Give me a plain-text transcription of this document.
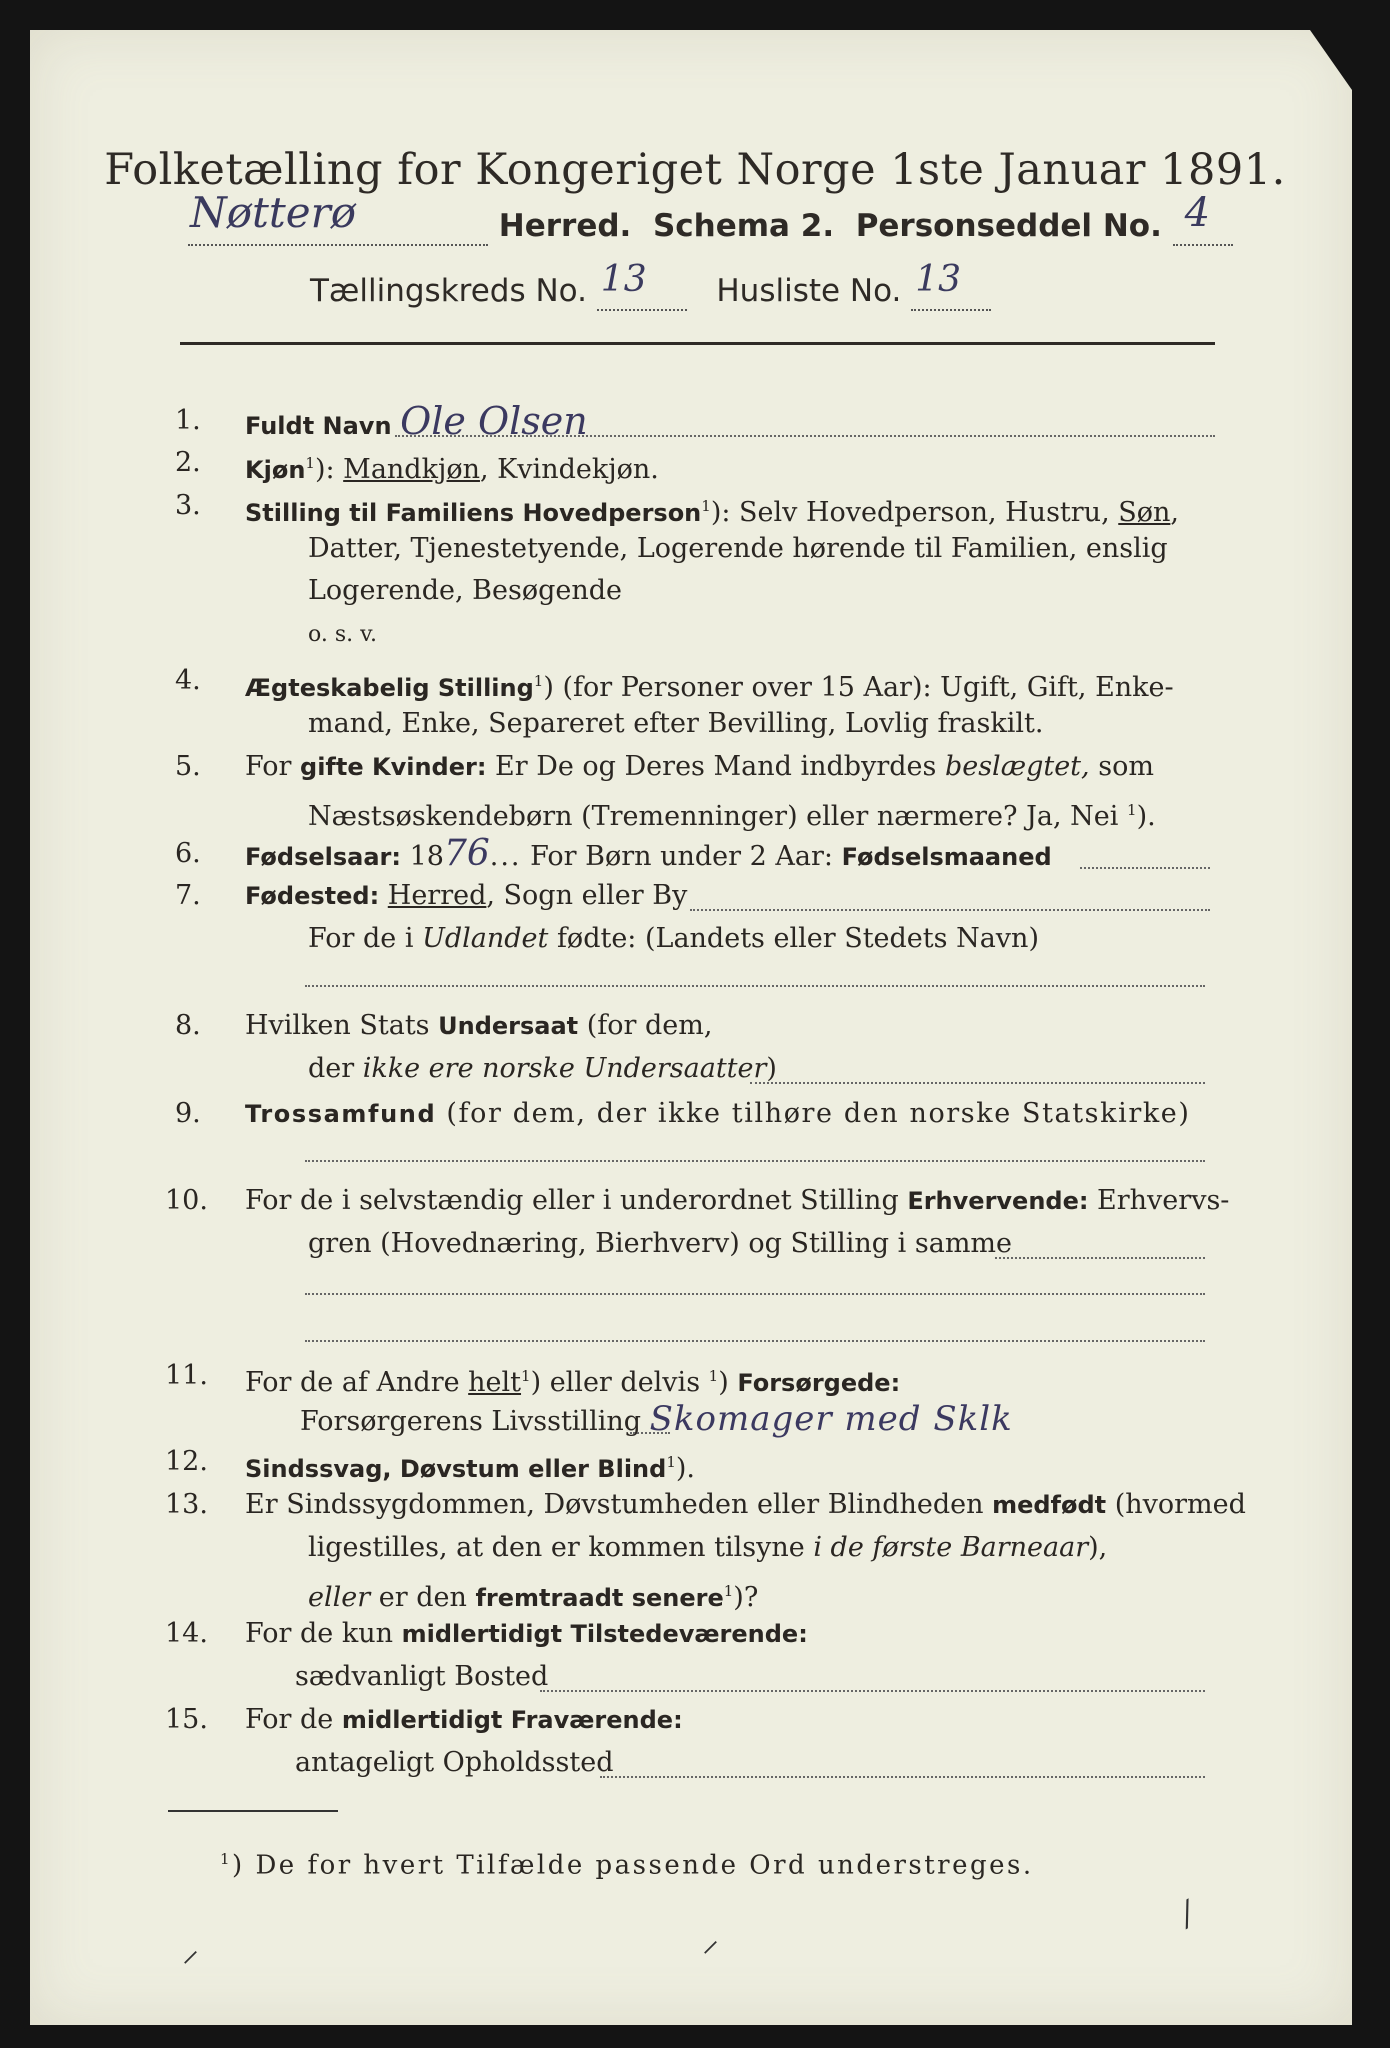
Folketælling for Kongeriget Norge 1ste Januar 1891.
Nøtterø	Herred. Schema 2. Personseddel No. 4

Tællingskreds No. 13 Husliste No. 13

1.	Fuldt Navn Ole Olsen
2.	Kjøn$^1$): Mandkjøn, Kvindekjøn.
3.	Stilling til Familiens Hovedperson$^1$): Selv Hovedperson, Hustru, Søn,
Datter, Tjenestetyende, Logerende hørende til Familien, enslig
Logerende, Besøgende
o. s. v.
4.	Ægteskabelig Stilling$^1$) (for Personer over 15 Aar): Ugift, Gift, Enke-
mand, Enke, Separeret efter Bevilling, Lovlig fraskilt.
5.	For gifte Kvinder: Er De og Deres Mand indbyrdes beslægtet, som
Næstsøskendebørn (Tremenninger) eller nærmere? Ja, Nei $^1$).
6.	Fødselsaar: 1876... For Børn under 2 Aar: Fødselsmaaned
7.	Fødested: Herred, Sogn eller By
For de i Udlandet fødte: (Landets eller Stedets Navn)
8.	Hvilken Stats Undersaat (for dem,
der ikke ere norske Undersaatter)
9.	Trossamfund (for dem, der ikke tilhøre den norske Statskirke)
10.	For de i selvstændig eller i underordnet Stilling Erhvervende: Erhvervs-
gren (Hovednæring, Bierhverv) og Stilling i samme
11.	For de af Andre helt$^1$) eller delvis $^1$) Forsørgede:
Forsørgerens Livsstilling Skomager med Sklk
12.	Sindssvag, Døvstum eller Blind$^1$).
13.	Er Sindssygdommen, Døvstumheden eller Blindheden medfødt (hvormed
ligestilles, at den er kommen tilsyne i de første Barneaar),
eller er den fremtraadt senere$^1$)?
14.	For de kun midlertidigt Tilstedeværende:
sædvanligt Bosted
15.	For de midlertidigt Fraværende:
antageligt Opholdssted
$^1$) De for hvert Tilfælde passende Ord understreges.
⸝	⸝
⁄
